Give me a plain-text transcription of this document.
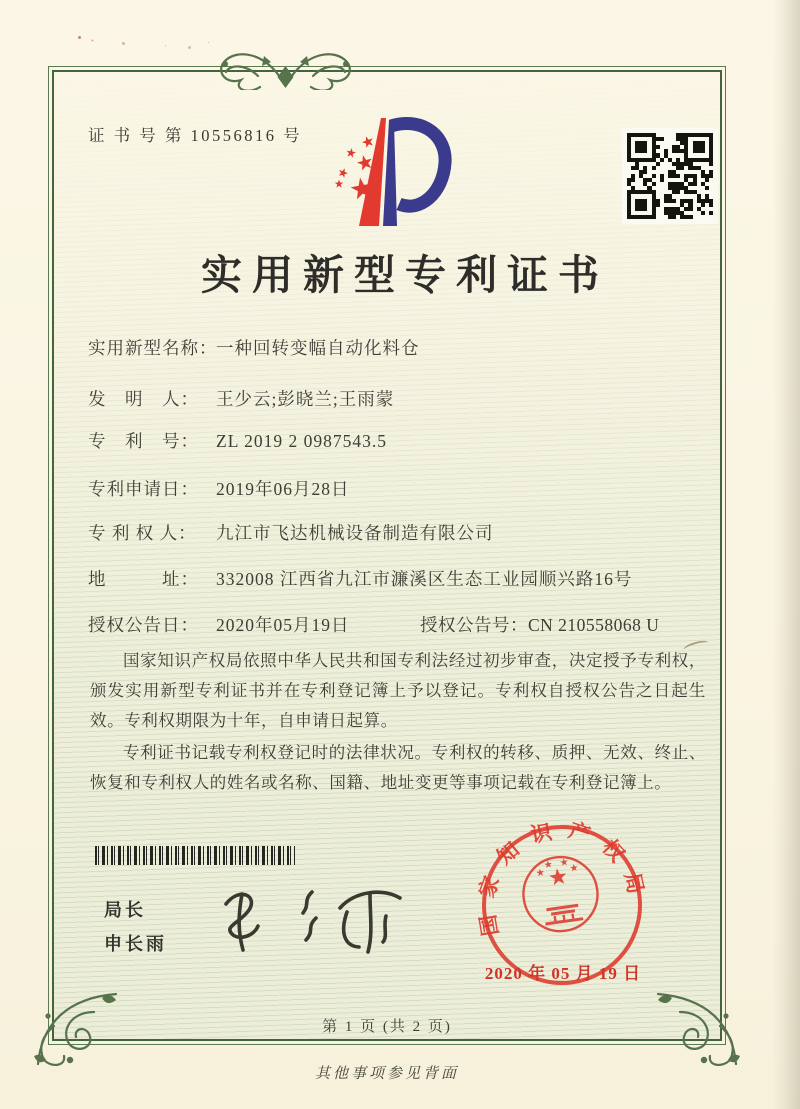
证 书 号 第 10556816 号
实用新型专利证书
实用新型名称：一种回转变幅自动化料仓
发　明　人： 王少云;彭晓兰;王雨蒙
专　利　号： ZL 2019 2 0987543.5
专利申请日： 2019年06月28日
专 利 权 人： 九江市飞达机械设备制造有限公司
地　　　址： 332008 江西省九江市濂溪区生态工业园顺兴路16号
授权公告日： 2020年05月19日	授权公告号：CN 210558068 U

国家知识产权局依照中华人民共和国专利法经过初步审查，决定授予专利权，颁发实用新型专利证书并在专利登记簿上予以登记。专利权自授权公告之日起生效。专利权期限为十年，自申请日起算。

专利证书记载专利权登记时的法律状况。专利权的转移、质押、无效、终止、恢复和专利权人的姓名或名称、国籍、地址变更等事项记载在专利登记簿上。

局长
申长雨
国家知识产权局
2020 年 05 月 19 日
第 1 页 (共 2 页)
其他事项参见背面
